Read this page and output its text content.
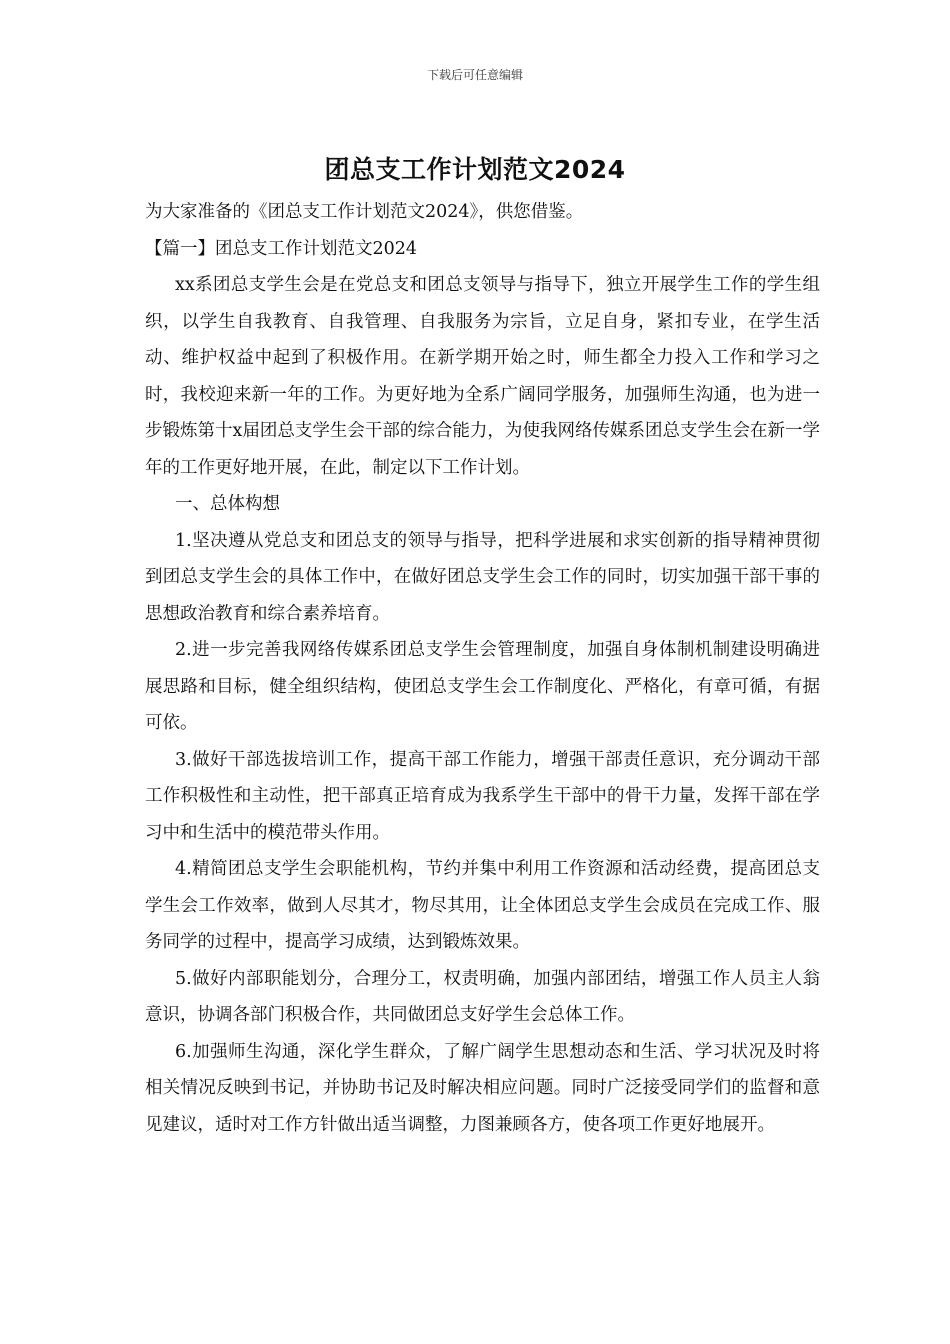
下载后可任意编辑
团总支工作计划范文2024

为大家准备的《团总支工作计划范文2024》，供您借鉴。

【篇一】团总支工作计划范文2024

xx系团总支学生会是在党总支和团总支领导与指导下，独立开展学生工作的学生组织，以学生自我教育、自我管理、自我服务为宗旨，立足自身，紧扣专业，在学生活动、维护权益中起到了积极作用。在新学期开始之时，师生都全力投入工作和学习之时，我校迎来新一年的工作。为更好地为全系广阔同学服务，加强师生沟通，也为进一步锻炼第十x届团总支学生会干部的综合能力，为使我网络传媒系团总支学生会在新一学年的工作更好地开展，在此，制定以下工作计划。

一、总体构想

1.坚决遵从党总支和团总支的领导与指导，把科学进展和求实创新的指导精神贯彻到团总支学生会的具体工作中，在做好团总支学生会工作的同时，切实加强干部干事的思想政治教育和综合素养培育。

2.进一步完善我网络传媒系团总支学生会管理制度，加强自身体制机制建设明确进展思路和目标，健全组织结构，使团总支学生会工作制度化、严格化，有章可循，有据可依。

3.做好干部选拔培训工作，提高干部工作能力，增强干部责任意识，充分调动干部工作积极性和主动性，把干部真正培育成为我系学生干部中的骨干力量，发挥干部在学习中和生活中的模范带头作用。

4.精简团总支学生会职能机构，节约并集中利用工作资源和活动经费，提高团总支学生会工作效率，做到人尽其才，物尽其用，让全体团总支学生会成员在完成工作、服务同学的过程中，提高学习成绩，达到锻炼效果。

5.做好内部职能划分，合理分工，权责明确，加强内部团结，增强工作人员主人翁意识，协调各部门积极合作，共同做团总支好学生会总体工作。

6.加强师生沟通，深化学生群众，了解广阔学生思想动态和生活、学习状况及时将相关情况反映到书记，并协助书记及时解决相应问题。同时广泛接受同学们的监督和意见建议，适时对工作方针做出适当调整，力图兼顾各方，使各项工作更好地展开。
